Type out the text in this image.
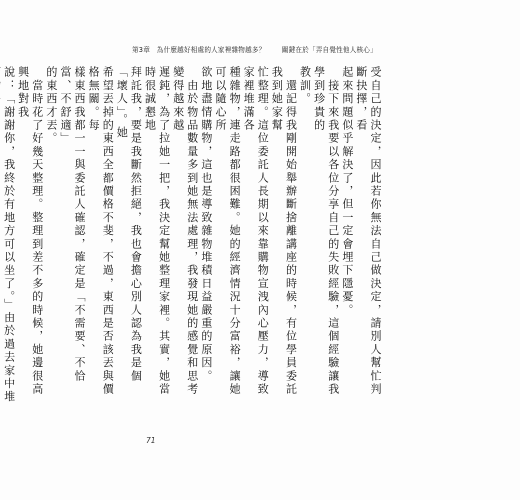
第3章　為什麼越好相處的人家裡雜物越多？ 關鍵在於「弄自覺性他人核心」

受自己的決定，因此若你無法自己做決定，請別人幫忙判斷抉擇，看

起來問題似乎解決了，但一定會埋下隱憂。

　接下來我要以各位分享自己的失敗經驗，這個經驗讓我學到珍貴的

教訓。

　還記得我剛開始舉辦斷捨離講座的時候，有位學員委託我到她家幫

忙整理。這位委託人長期以來靠購物宣洩內心壓力，導致家裡堆滿各

種雜物，連走路都很困難。她的經濟情況十分富裕，讓她可以隨心所

欲地盡情購物，這也是導致雜物堆積日益嚴重的原因。

　由於物品數量多到她無法處理，我發現她的感覺和思考變得越來越

遲鈍，為了拉她一把，我決定幫她整理家裡。其實，她當時很誠懇地

拜託我，要是我斷然拒絕，我也會擔心別人認為我是個「壞人」。她

希望丟掉的東西全都價格不斐，不過，東西是否該丟與價格無關。每

樣東西我都一一與委託人確認，確定是「不需要、不恰當、不舒適」

的東西才丟。

　當時花了好幾天整理。整理到差不多的時候，她邊很高興地對我

說：「謝謝你，我終於有地方可以坐了。」由於過去家中堆

71
